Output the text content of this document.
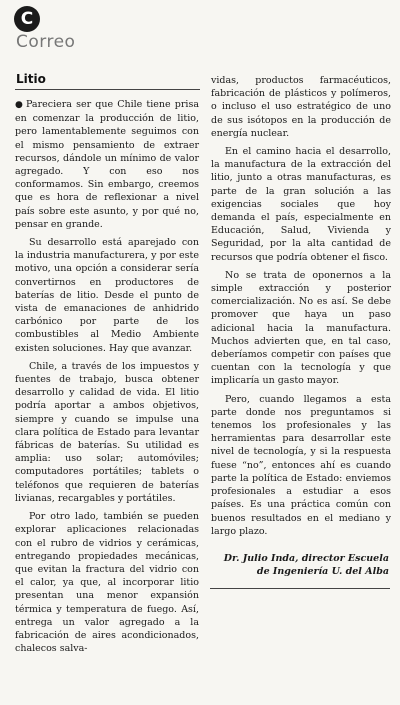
C
Correo
Litio

● Pareciera ser que Chile tiene prisa en comenzar la producción de litio, pero lamentablemente seguimos con el mismo pensamiento de extraer recursos, dándole un mínimo de valor agregado. Y con eso nos conformamos. Sin embargo, creemos que es hora de reflexionar a nivel país sobre este asunto, y por qué no, pensar en grande.

Su desarrollo está aparejado con la industria manufacturera, y por este motivo, una opción a considerar sería convertirnos en productores de baterías de litio. Desde el punto de vista de emanaciones de anhidrido carbónico por parte de los combustibles al Medio Ambiente existen soluciones. Hay que avanzar.

Chile, a través de los impuestos y fuentes de trabajo, busca obtener desarrollo y calidad de vida. El litio podría aportar a ambos objetivos, siempre y cuando se impulse una clara política de Estado para levantar fábricas de baterías. Su utilidad es amplia: uso solar; automóviles; computadores portátiles; tablets o teléfonos que requieren de baterías livianas, recargables y portátiles.

Por otro lado, también se pueden explorar aplicaciones relacionadas con el rubro de vidrios y cerámicas, entregando propiedades mecánicas, que evitan la fractura del vidrio con el calor, ya que, al incorporar litio presentan una menor expansión térmica y temperatura de fuego. Así, entrega un valor agregado a la fabricación de aires acondicionados, chalecos salva-

vidas, productos farmacéuticos, fabricación de plásticos y polímeros, o incluso el uso estratégico de uno de sus isótopos en la producción de energía nuclear.

En el camino hacia el desarrollo, la manufactura de la extracción del litio, junto a otras manufacturas, es parte de la gran solución a las exigencias sociales que hoy demanda el país, especialmente en Educación, Salud, Vivienda y Seguridad, por la alta cantidad de recursos que podría obtener el fisco.

No se trata de oponernos a la simple extracción y posterior comercialización. No es así. Se debe promover que haya un paso adicional hacia la manufactura. Muchos advierten que, en tal caso, deberíamos competir con países que cuentan con la tecnología y que implicaría un gasto mayor.

Pero, cuando llegamos a esta parte donde nos preguntamos si tenemos los profesionales y las herramientas para desarrollar este nivel de tecnología, y si la respuesta fuese “no”, entonces ahí es cuando parte la política de Estado: enviemos profesionales a estudiar a esos países. Es una práctica común con buenos resultados en el mediano y largo plazo.

Dr. Julio Inda, director Escuela de Ingeniería U. del Alba
